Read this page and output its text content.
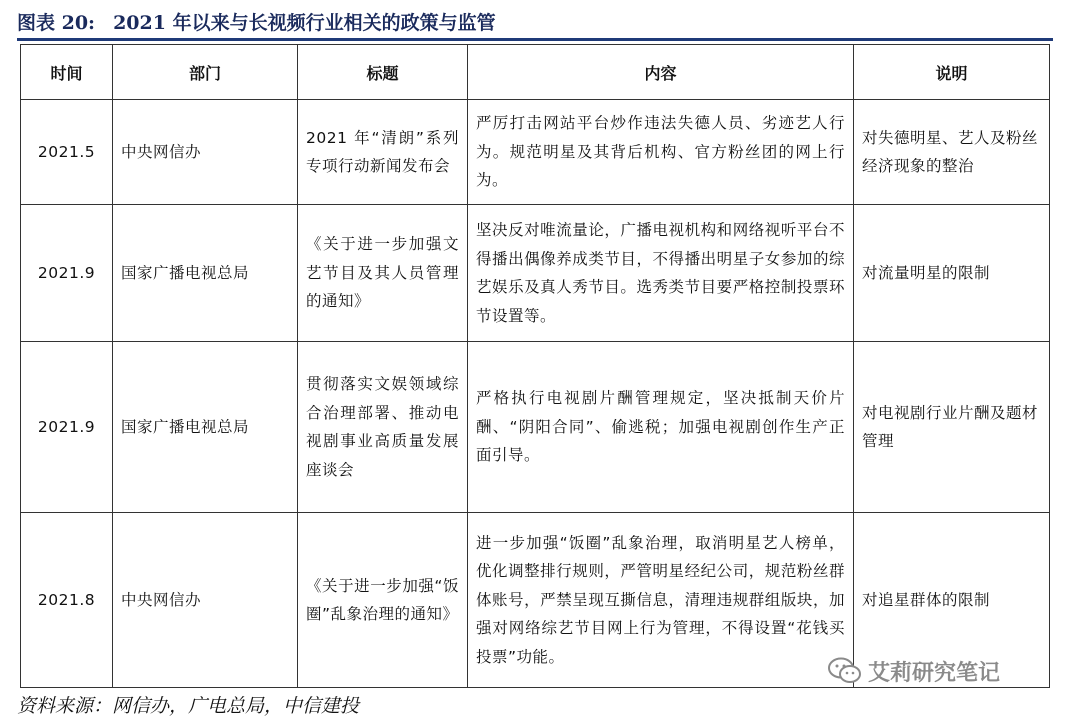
图表 20: 2021 年以来与长视频行业相关的政策与监管
时间	部门	标题	内容	说明
2021.5	中央网信办	2021 年“清朗”系列专项行动新闻发布会	严厉打击网站平台炒作违法失德人员、劣迹艺人行为。规范明星及其背后机构、官方粉丝团的网上行为。	对失德明星、艺人及粉丝经济现象的整治
2021.9	国家广播电视总局	《关于进一步加强文艺节目及其人员管理的通知》	坚决反对唯流量论，广播电视机构和网络视听平台不得播出偶像养成类节目，不得播出明星子女参加的综艺娱乐及真人秀节目。选秀类节目要严格控制投票环节设置等。	对流量明星的限制
2021.9	国家广播电视总局	贯彻落实文娱领域综合治理部署、推动电视剧事业高质量发展座谈会	严格执行电视剧片酬管理规定，坚决抵制天价片酬、“阴阳合同”、偷逃税；加强电视剧创作生产正面引导。	对电视剧行业片酬及题材管理
2021.8	中央网信办	《关于进一步加强“饭圈”乱象治理的通知》	进一步加强“饭圈”乱象治理，取消明星艺人榜单，优化调整排行规则，严管明星经纪公司，规范粉丝群体账号，严禁呈现互撕信息，清理违规群组版块，加强对网络综艺节目网上行为管理，不得设置“花钱买投票”功能。	对追星群体的限制
资料来源：网信办，广电总局，中信建投
艾莉研究笔记
